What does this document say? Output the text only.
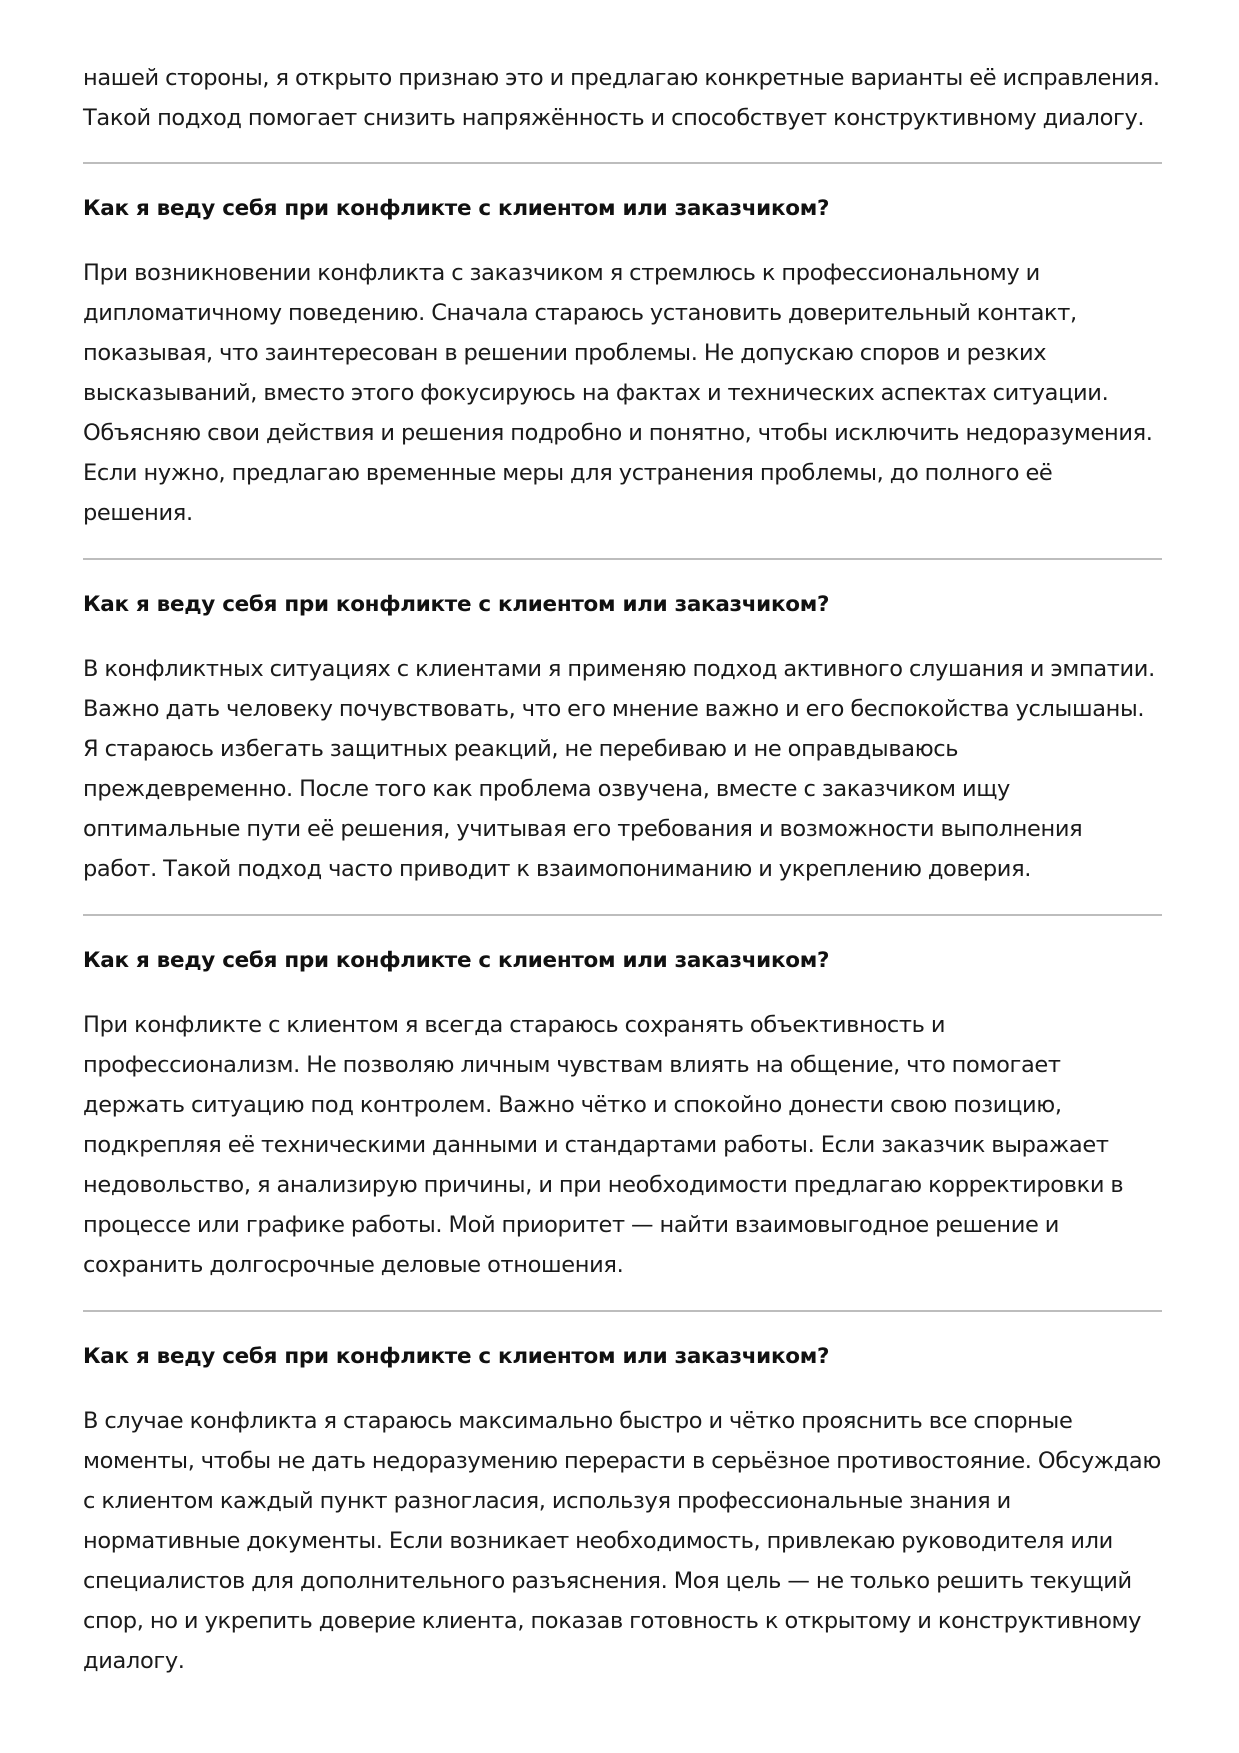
нашей стороны, я открыто признаю это и предлагаю конкретные варианты её исправления. Такой подход помогает снизить напряжённость и способствует конструктивному диалогу.

Как я веду себя при конфликте с клиентом или заказчиком?

При возникновении конфликта с заказчиком я стремлюсь к профессиональному и дипломатичному поведению. Сначала стараюсь установить доверительный контакт, показывая, что заинтересован в решении проблемы. Не допускаю споров и резких высказываний, вместо этого фокусируюсь на фактах и технических аспектах ситуации. Объясняю свои действия и решения подробно и понятно, чтобы исключить недоразумения. Если нужно, предлагаю временные меры для устранения проблемы, до полного её решения.

Как я веду себя при конфликте с клиентом или заказчиком?

В конфликтных ситуациях с клиентами я применяю подход активного слушания и эмпатии. Важно дать человеку почувствовать, что его мнение важно и его беспокойства услышаны. Я стараюсь избегать защитных реакций, не перебиваю и не оправдываюсь преждевременно. После того как проблема озвучена, вместе с заказчиком ищу оптимальные пути её решения, учитывая его требования и возможности выполнения работ. Такой подход часто приводит к взаимопониманию и укреплению доверия.

Как я веду себя при конфликте с клиентом или заказчиком?

При конфликте с клиентом я всегда стараюсь сохранять объективность и профессионализм. Не позволяю личным чувствам влиять на общение, что помогает держать ситуацию под контролем. Важно чётко и спокойно донести свою позицию, подкрепляя её техническими данными и стандартами работы. Если заказчик выражает недовольство, я анализирую причины, и при необходимости предлагаю корректировки в процессе или графике работы. Мой приоритет — найти взаимовыгодное решение и сохранить долгосрочные деловые отношения.

Как я веду себя при конфликте с клиентом или заказчиком?

В случае конфликта я стараюсь максимально быстро и чётко прояснить все спорные моменты, чтобы не дать недоразумению перерасти в серьёзное противостояние. Обсуждаю с клиентом каждый пункт разногласия, используя профессиональные знания и нормативные документы. Если возникает необходимость, привлекаю руководителя или специалистов для дополнительного разъяснения. Моя цель — не только решить текущий спор, но и укрепить доверие клиента, показав готовность к открытому и конструктивному диалогу.
